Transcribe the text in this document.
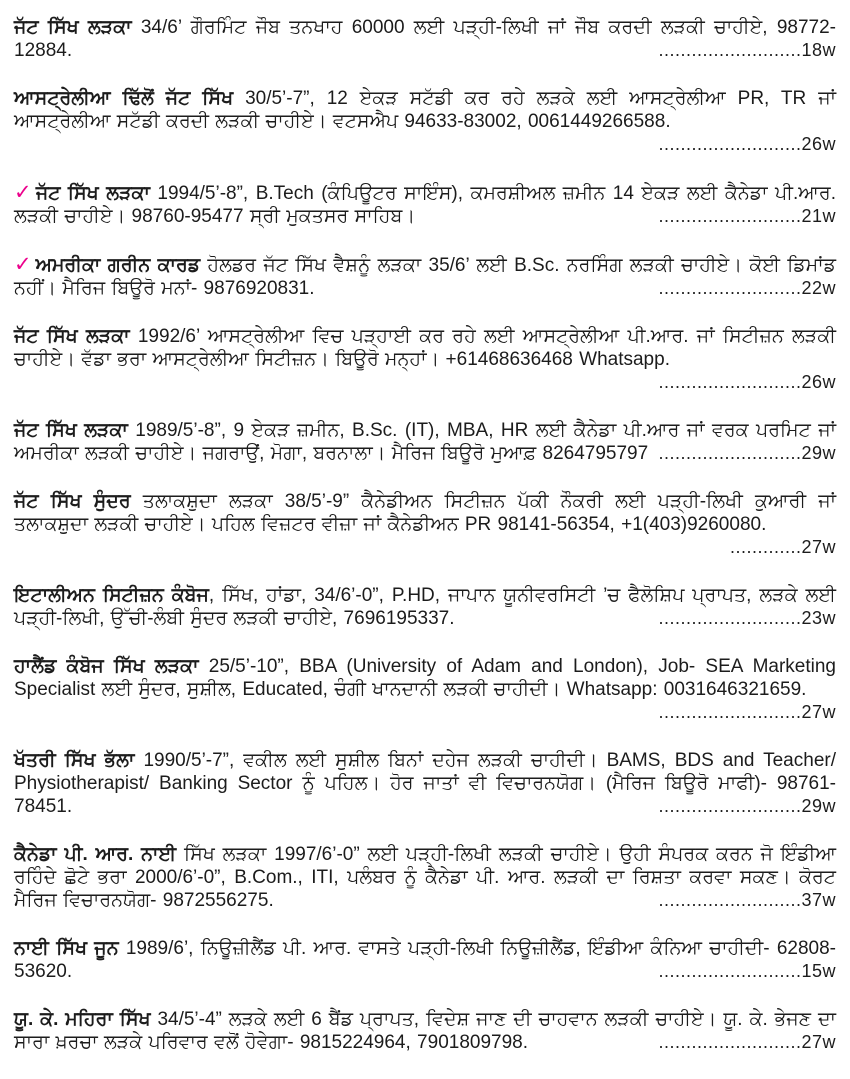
ਜੱਟ ਸਿੱਖ ਲੜਕਾ 34/6’ ਗੌਰਮਿੰਟ ਜੌਬ ਤਨਖਾਹ 60000 ਲਈ ਪੜ੍ਹੀ-ਲਿਖੀ ਜਾਂ ਜੌਬ ਕਰਦੀ ਲੜਕੀ ਚਾਹੀਏ, 98772-12884.	..........................18w

ਆਸਟ੍ਰੇਲੀਆ ਢਿੱਲੋਂ ਜੱਟ ਸਿੱਖ 30/5’-7”, 12 ਏਕੜ ਸਟੱਡੀ ਕਰ ਰਹੇ ਲੜਕੇ ਲਈ ਆਸਟ੍ਰੇਲੀਆ PR, TR ਜਾਂ ਆਸਟ੍ਰੇਲੀਆ ਸਟੱਡੀ ਕਰਦੀ ਲੜਕੀ ਚਾਹੀਏ। ਵਟਸਐਪ 94633-83002, 0061449266588.
..........................26w

✓ ਜੱਟ ਸਿੱਖ ਲੜਕਾ 1994/5’-8”, B.Tech (ਕੰਪਿਊਟਰ ਸਾਇੰਸ), ਕਮਰਸ਼ੀਅਲ ਜ਼ਮੀਨ 14 ਏਕੜ ਲਈ ਕੈਨੇਡਾ ਪੀ.ਆਰ. ਲੜਕੀ ਚਾਹੀਏ। 98760-95477 ਸ੍ਰੀ ਮੁਕਤਸਰ ਸਾਹਿਬ।	..........................21w

✓ ਅਮਰੀਕਾ ਗਰੀਨ ਕਾਰਡ ਹੋਲਡਰ ਜੱਟ ਸਿੱਖ ਵੈਸ਼ਨੂੰ ਲੜਕਾ 35/6’ ਲਈ B.Sc. ਨਰਸਿੰਗ ਲੜਕੀ ਚਾਹੀਏ। ਕੋਈ ਡਿਮਾਂਡ ਨਹੀਂ। ਮੈਰਿਜ ਬਿਊਰੋ ਮਨਾਂ- 9876920831.	..........................22w

ਜੱਟ ਸਿੱਖ ਲੜਕਾ 1992/6’ ਆਸਟ੍ਰੇਲੀਆ ਵਿਚ ਪੜ੍ਹਾਈ ਕਰ ਰਹੇ ਲਈ ਆਸਟ੍ਰੇਲੀਆ ਪੀ.ਆਰ. ਜਾਂ ਸਿਟੀਜ਼ਨ ਲੜਕੀ ਚਾਹੀਏ। ਵੱਡਾ ਭਰਾ ਆਸਟ੍ਰੇਲੀਆ ਸਿਟੀਜ਼ਨ। ਬਿਊਰੋ ਮਨ੍ਹਾਂ। +61468636468 Whatsapp.
..........................26w

ਜੱਟ ਸਿੱਖ ਲੜਕਾ 1989/5’-8”, 9 ਏਕੜ ਜ਼ਮੀਨ, B.Sc. (IT), MBA, HR ਲਈ ਕੈਨੇਡਾ ਪੀ.ਆਰ ਜਾਂ ਵਰਕ ਪਰਮਿਟ ਜਾਂ ਅਮਰੀਕਾ ਲੜਕੀ ਚਾਹੀਏ। ਜਗਰਾਉਂ, ਮੋਗਾ, ਬਰਨਾਲਾ। ਮੈਰਿਜ ਬਿਊਰੋ ਮੁਆਫ਼ 8264795797 ..........................29w

ਜੱਟ ਸਿੱਖ ਸੁੰਦਰ ਤਲਾਕਸ਼ੁਦਾ ਲੜਕਾ 38/5’-9” ਕੈਨੇਡੀਅਨ ਸਿਟੀਜ਼ਨ ਪੱਕੀ ਨੌਕਰੀ ਲਈ ਪੜ੍ਹੀ-ਲਿਖੀ ਕੁਆਰੀ ਜਾਂ ਤਲਾਕਸ਼ੁਦਾ ਲੜਕੀ ਚਾਹੀਏ। ਪਹਿਲ ਵਿਜ਼ਟਰ ਵੀਜ਼ਾ ਜਾਂ ਕੈਨੇਡੀਅਨ PR 98141-56354, +1(403)9260080.
.............27w

ਇਟਾਲੀਅਨ ਸਿਟੀਜ਼ਨ ਕੰਬੋਜ, ਸਿੱਖ, ਹਾਂਡਾ, 34/6’-0”, P.HD, ਜਾਪਾਨ ਯੂਨੀਵਰਸਿਟੀ ’ਚ ਫੈਲੋਸ਼ਿਪ ਪ੍ਰਾਪਤ, ਲੜਕੇ ਲਈ ਪੜ੍ਹੀ-ਲਿਖੀ, ਉੱਚੀ-ਲੰਬੀ ਸੁੰਦਰ ਲੜਕੀ ਚਾਹੀਏ, 7696195337.	..........................23w

ਹਾਲੈਂਡ ਕੰਬੋਜ ਸਿੱਖ ਲੜਕਾ 25/5’-10”, BBA (University of Adam and London), Job- SEA Marketing Specialist ਲਈ ਸੁੰਦਰ, ਸੁਸ਼ੀਲ, Educated, ਚੰਗੀ ਖਾਨਦਾਨੀ ਲੜਕੀ ਚਾਹੀਦੀ। Whatsapp: 0031646321659.
..........................27w

ਖੱਤਰੀ ਸਿੱਖ ਭੱਲਾ 1990/5’-7”, ਵਕੀਲ ਲਈ ਸੁਸ਼ੀਲ ਬਿਨਾਂ ਦਹੇਜ ਲੜਕੀ ਚਾਹੀਦੀ। BAMS, BDS and Teacher/ Physiotherapist/ Banking Sector ਨੂੰ ਪਹਿਲ। ਹੋਰ ਜਾਤਾਂ ਵੀ ਵਿਚਾਰਨਯੋਗ। (ਮੈਰਿਜ ਬਿਊਰੋ ਮਾਫੀ)- 98761-78451.	..........................29w

ਕੈਨੇਡਾ ਪੀ. ਆਰ. ਨਾਈ ਸਿੱਖ ਲੜਕਾ 1997/6’-0” ਲਈ ਪੜ੍ਹੀ-ਲਿਖੀ ਲੜਕੀ ਚਾਹੀਏ। ਉਹੀ ਸੰਪਰਕ ਕਰਨ ਜੋ ਇੰਡੀਆ ਰਹਿੰਦੇ ਛੋਟੇ ਭਰਾ 2000/6’-0”, B.Com., ITI, ਪਲੰਬਰ ਨੂੰ ਕੈਨੇਡਾ ਪੀ. ਆਰ. ਲੜਕੀ ਦਾ ਰਿਸ਼ਤਾ ਕਰਵਾ ਸਕਣ। ਕੋਰਟ ਮੈਰਿਜ ਵਿਚਾਰਨਯੋਗ- 9872556275.	..........................37w

ਨਾਈ ਸਿੱਖ ਜੂਨ 1989/6’, ਨਿਊਜ਼ੀਲੈਂਡ ਪੀ. ਆਰ. ਵਾਸਤੇ ਪੜ੍ਹੀ-ਲਿਖੀ ਨਿਊਜ਼ੀਲੈਂਡ, ਇੰਡੀਆ ਕੰਨਿਆ ਚਾਹੀਦੀ- 62808-53620.	..........................15w

ਯੂ. ਕੇ. ਮਹਿਰਾ ਸਿੱਖ 34/5’-4” ਲੜਕੇ ਲਈ 6 ਬੈਂਡ ਪ੍ਰਾਪਤ, ਵਿਦੇਸ਼ ਜਾਣ ਦੀ ਚਾਹਵਾਨ ਲੜਕੀ ਚਾਹੀਏ। ਯੂ. ਕੇ. ਭੇਜਣ ਦਾ ਸਾਰਾ ਖ਼ਰਚਾ ਲੜਕੇ ਪਰਿਵਾਰ ਵਲੋਂ ਹੋਵੇਗਾ- 9815224964, 7901809798.	..........................27w
